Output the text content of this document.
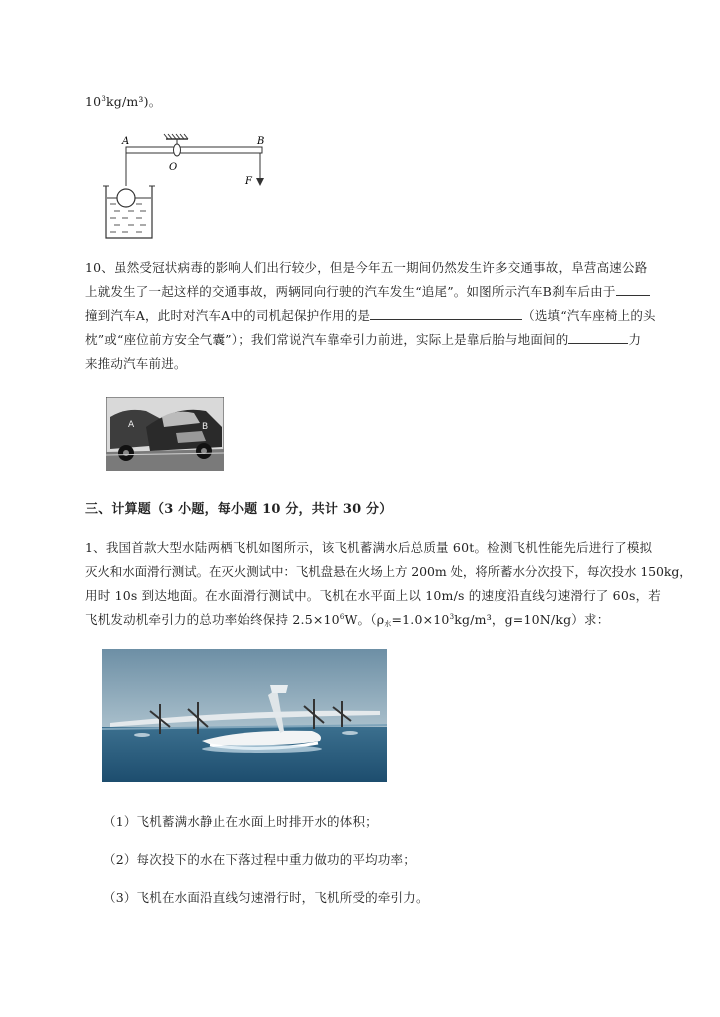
$10^3kg/m^3$)。
A	B
O
F
10、虽然受冠状病毒的影响人们出行较少，但是今年五一期间仍然发生许多交通事故，阜营高速公路
上就发生了一起这样的交通事故，两辆同向行驶的汽车发生“追尾”。如图所示汽车B刹车后由于
撞到汽车A，此时对汽车A中的司机起保护作用的是	（选填“汽车座椅上的头
枕”或“座位前方安全气囊”）；我们常说汽车靠牵引力前进，实际上是靠后胎与地面间的	力
来推动汽车前进。
A	B
三、计算题（3 小题，每小题 10 分，共计 30 分）
1、我国首款大型水陆两栖飞机如图所示，该飞机蓄满水后总质量 60t。检测飞机性能先后进行了模拟
灭火和水面滑行测试。在灭火测试中：飞机盘悬在火场上方 200m 处，将所蓄水分次投下，每次投水 150kg，
用时 10s 到达地面。在水面滑行测试中。飞机在水平面上以 10m/s 的速度沿直线匀速滑行了 60s，若
飞机发动机牵引力的总功率始终保持 $2.5\times 10^6W$。（$\rho_水=1.0\times 10^3kg/m^3$，g=10N/kg）求：
（1）飞机蓄满水静止在水面上时排开水的体积；
（2）每次投下的水在下落过程中重力做功的平均功率；
（3）飞机在水面沿直线匀速滑行时，飞机所受的牵引力。
